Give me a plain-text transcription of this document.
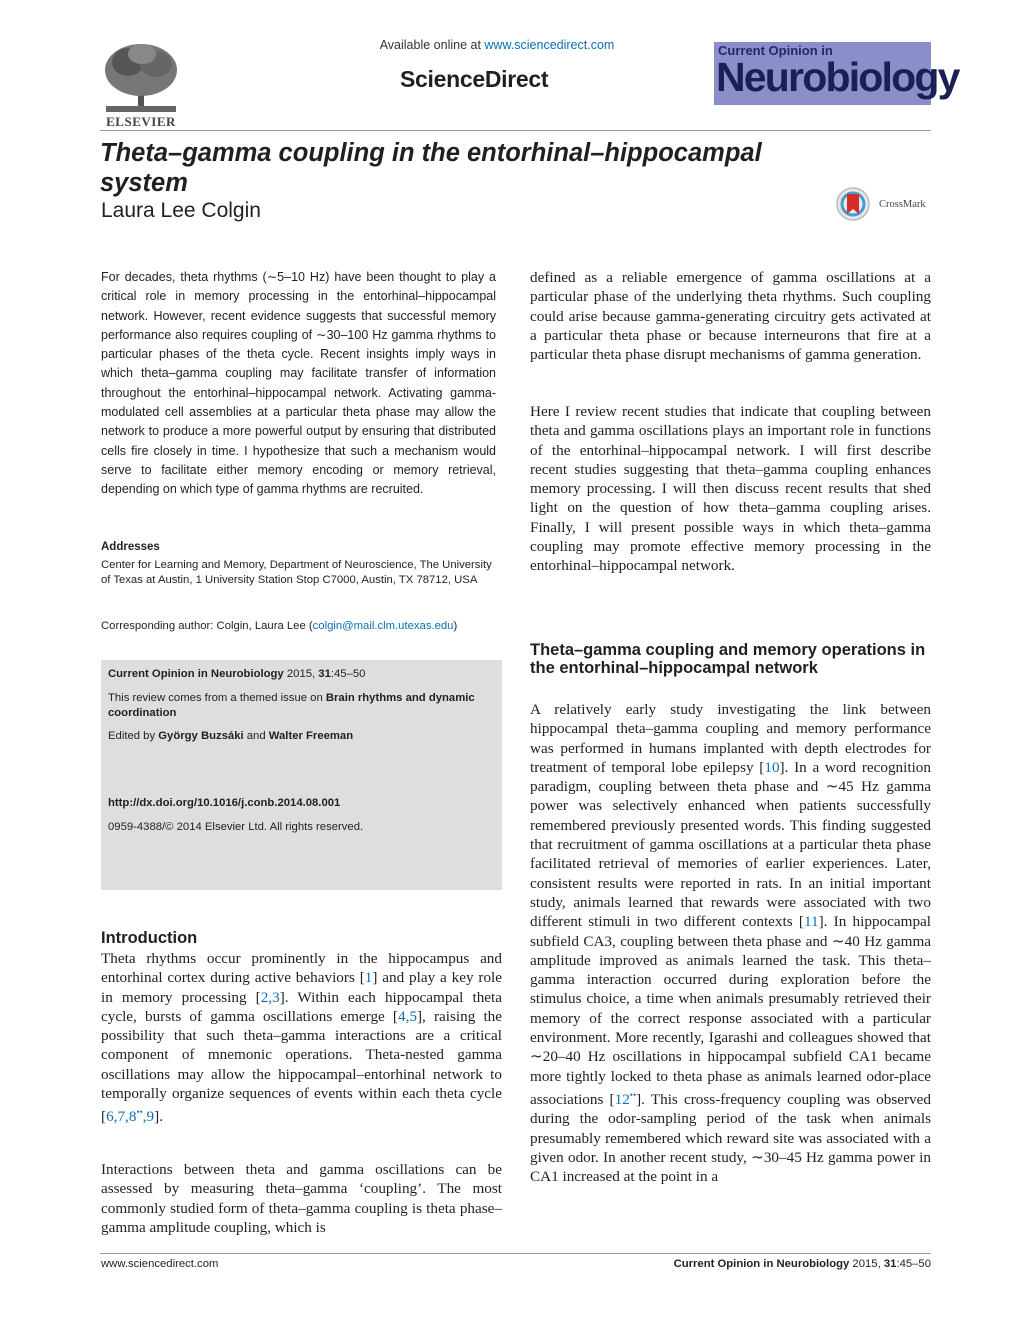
ELSEVIER
Available online at www.sciencedirect.com
ScienceDirect
Current Opinion in
Neurobiology
Theta–gamma coupling in the entorhinal–hippocampal system
Laura Lee Colgin	CrossMark
For decades, theta rhythms (∼5–10 Hz) have been thought to play a critical role in memory processing in the entorhinal–hippocampal network. However, recent evidence suggests that successful memory performance also requires coupling of ∼30–100 Hz gamma rhythms to particular phases of the theta cycle. Recent insights imply ways in which theta–gamma coupling may facilitate transfer of information throughout the entorhinal–hippocampal network. Activating gamma-modulated cell assemblies at a particular theta phase may allow the network to produce a more powerful output by ensuring that distributed cells fire closely in time. I hypothesize that such a mechanism would serve to facilitate either memory encoding or memory retrieval, depending on which type of gamma rhythms are recruited.
Addresses
Center for Learning and Memory, Department of Neuroscience, The University of Texas at Austin, 1 University Station Stop C7000, Austin, TX 78712, USA
Corresponding author: Colgin, Laura Lee (colgin@mail.clm.utexas.edu)
Current Opinion in Neurobiology 2015, 31:45–50
This review comes from a themed issue on Brain rhythms and dynamic coordination
Edited by György Buzsáki and Walter Freeman
http://dx.doi.org/10.1016/j.conb.2014.08.001
0959-4388/© 2014 Elsevier Ltd. All rights reserved.
Introduction
Theta rhythms occur prominently in the hippocampus and entorhinal cortex during active behaviors [1] and play a key role in memory processing [2,3]. Within each hippocampal theta cycle, bursts of gamma oscillations emerge [4,5], raising the possibility that such theta–gamma interactions are a critical component of mnemonic operations. Theta-nested gamma oscillations may allow the hippocampal–entorhinal network to temporally organize sequences of events within each theta cycle [6,7,8••,9].
Interactions between theta and gamma oscillations can be assessed by measuring theta–gamma ‘coupling’. The most commonly studied form of theta–gamma coupling is theta phase–gamma amplitude coupling, which is
defined as a reliable emergence of gamma oscillations at a particular phase of the underlying theta rhythms. Such coupling could arise because gamma-generating circuitry gets activated at a particular theta phase or because interneurons that fire at a particular theta phase disrupt mechanisms of gamma generation.
Here I review recent studies that indicate that coupling between theta and gamma oscillations plays an important role in functions of the entorhinal–hippocampal network. I will first describe recent studies suggesting that theta–gamma coupling enhances memory processing. I will then discuss recent results that shed light on the question of how theta–gamma coupling arises. Finally, I will present possible ways in which theta–gamma coupling may promote effective memory processing in the entorhinal–hippocampal network.
Theta–gamma coupling and memory operations in the entorhinal–hippocampal network
A relatively early study investigating the link between hippocampal theta–gamma coupling and memory performance was performed in humans implanted with depth electrodes for treatment of temporal lobe epilepsy [10]. In a word recognition paradigm, coupling between theta phase and ∼45 Hz gamma power was selectively enhanced when patients successfully remembered previously presented words. This finding suggested that recruitment of gamma oscillations at a particular theta phase facilitated retrieval of memories of earlier experiences. Later, consistent results were reported in rats. In an initial important study, animals learned that rewards were associated with two different stimuli in two different contexts [11]. In hippocampal subfield CA3, coupling between theta phase and ∼40 Hz gamma amplitude improved as animals learned the task. This theta–gamma interaction occurred during exploration before the stimulus choice, a time when animals presumably retrieved their memory of the correct response associated with a particular environment. More recently, Igarashi and colleagues showed that ∼20–40 Hz oscillations in hippocampal subfield CA1 became more tightly locked to theta phase as animals learned odor-place associations [12••]. This cross-frequency coupling was observed during the odor-sampling period of the task when animals presumably remembered which reward site was associated with a given odor. In another recent study, ∼30–45 Hz gamma power in CA1 increased at the point in a
www.sciencedirect.com	Current Opinion in Neurobiology 2015, 31:45–50
